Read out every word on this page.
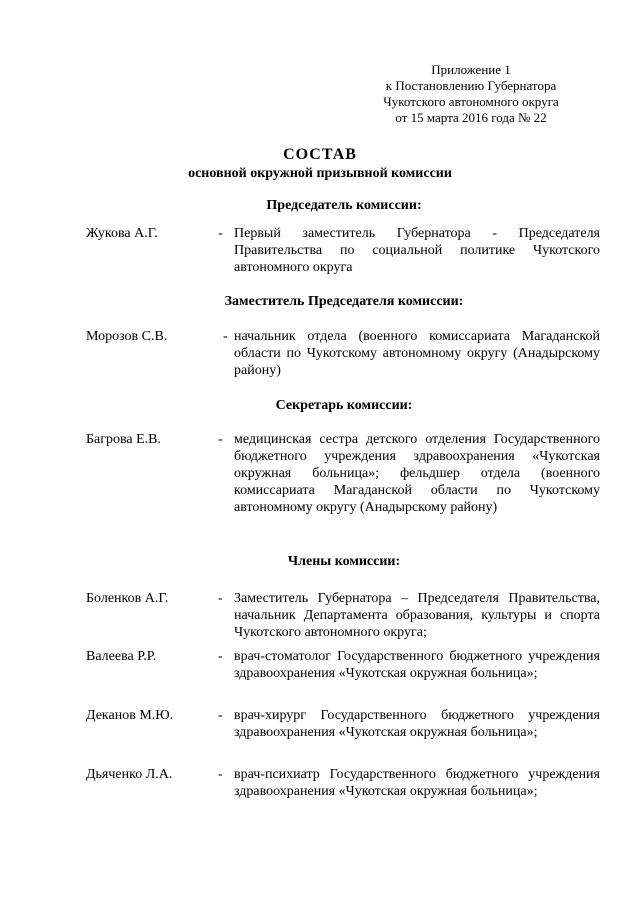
Приложение 1
к Постановлению Губернатора
Чукотского автономного округа
от 15 марта 2016 года № 22
СОСТАВ
основной окружной призывной комиссии
Председатель комиссии:
Жукова А.Г.	- Первый заместитель Губернатора - Председателя Правительства по социальной политике Чукотского автономного округа
Заместитель Председателя комиссии:
Морозов С.В.	- начальник отдела (военного комиссариата Магаданской области по Чукотскому автономному округу (Анадырскому району)
Секретарь комиссии:
Багрова Е.В.	- медицинская сестра детского отделения Государственного бюджетного учреждения здравоохранения «Чукотская окружная больница»; фельдшер отдела (военного комиссариата Магаданской области по Чукотскому автономному округу (Анадырскому району)
Члены комиссии:
Боленков А.Г.	- Заместитель Губернатора – Председателя Правительства, начальник Департамента образования, культуры и спорта Чукотского автономного округа;
Валеева Р.Р.	- врач-стоматолог Государственного бюджетного учреждения здравоохранения «Чукотская окружная больница»;
Деканов М.Ю.	- врач-хирург Государственного бюджетного учреждения здравоохранения «Чукотская окружная больница»;
Дьяченко Л.А.	- врач-психиатр Государственного бюджетного учреждения здравоохранения «Чукотская окружная больница»;
